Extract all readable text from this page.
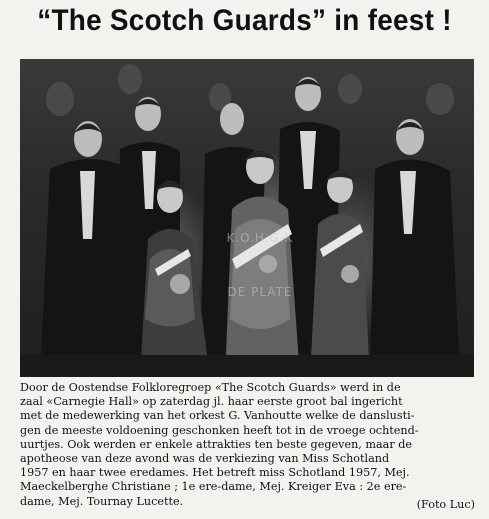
“The Scotch Guards” in feest !
K.O.H.G.K
DE PLATE
Door de Oostendse Folkloregroep «The Scotch Guards» werd in de
zaal «Carnegie Hall» op zaterdag jl. haar eerste groot bal ingericht
met de medewerking van het orkest G. Vanhoutte welke de danslusti-
gen de meeste voldoening geschonken heeft tot in de vroege ochtend-
uurtjes. Ook werden er enkele attrakties ten beste gegeven, maar de
apotheose van deze avond was de verkiezing van Miss Schotland
1957 en haar twee eredames. Het betreft miss Schotland 1957, Mej.
Maeckelberghe Christiane ; 1e ere-dame, Mej. Kreiger Eva : 2e ere-
dame, Mej. Tournay Lucette.	(Foto Luc)
